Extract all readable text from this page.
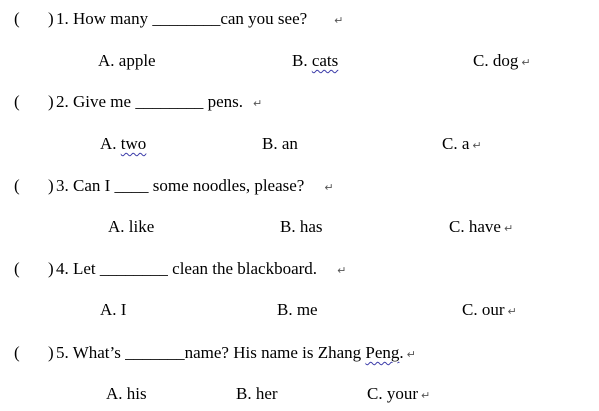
( ) 1. How many ________can you see? ↵
A. apple	B. cats	C. dog ↵
( ) 2. Give me ________ pens. ↵
A. two	B. an	C. a ↵
( ) 3. Can I ____ some noodles, please? ↵
A. like	B. has	C. have ↵
( ) 4. Let ________ clean the blackboard. ↵
A. I	B. me	C. our ↵
( ) 5. What’s _______name? His name is Zhang Peng. ↵
A. his	B. her	C. your ↵
